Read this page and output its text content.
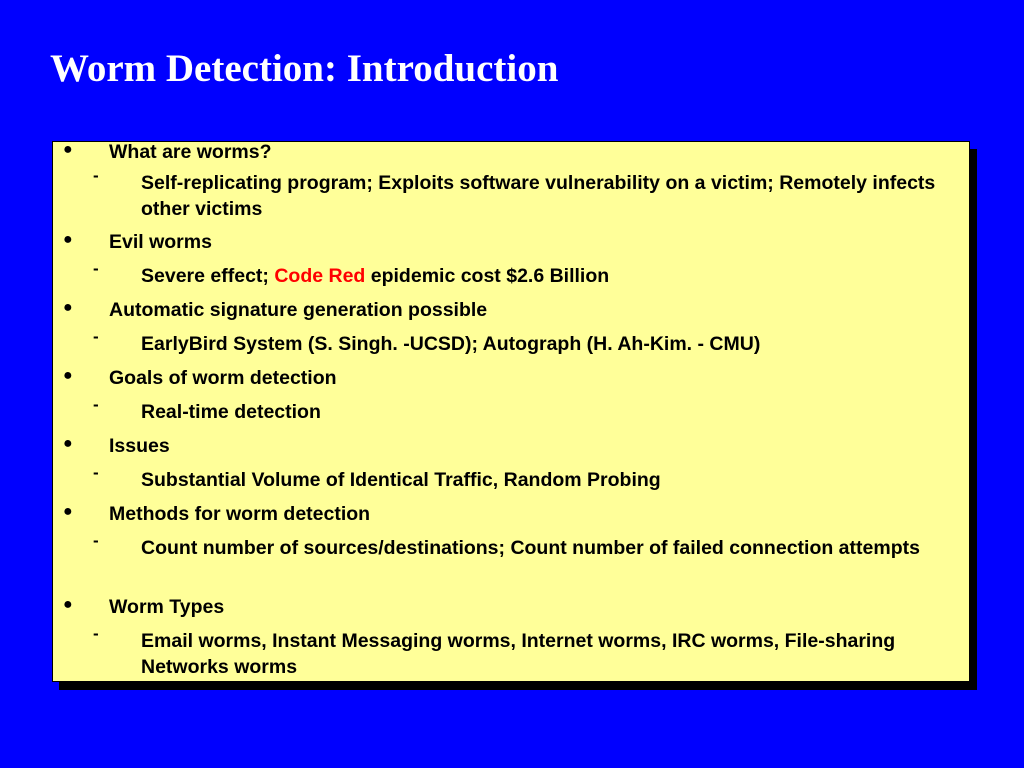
Worm Detection: Introduction
● What are worms?
- Self-replicating program; Exploits software vulnerability on a victim; Remotely infects other victims
● Evil worms
- Severe effect; Code Red epidemic cost $2.6 Billion
● Automatic signature generation possible
- EarlyBird System (S. Singh. -UCSD); Autograph (H. Ah-Kim. - CMU)
● Goals of worm detection
- Real-time detection
● Issues
- Substantial Volume of Identical Traffic, Random Probing
● Methods for worm detection
- Count number of sources/destinations; Count number of failed connection attempts
● Worm Types
- Email worms, Instant Messaging worms, Internet worms, IRC worms, File-sharing Networks worms
